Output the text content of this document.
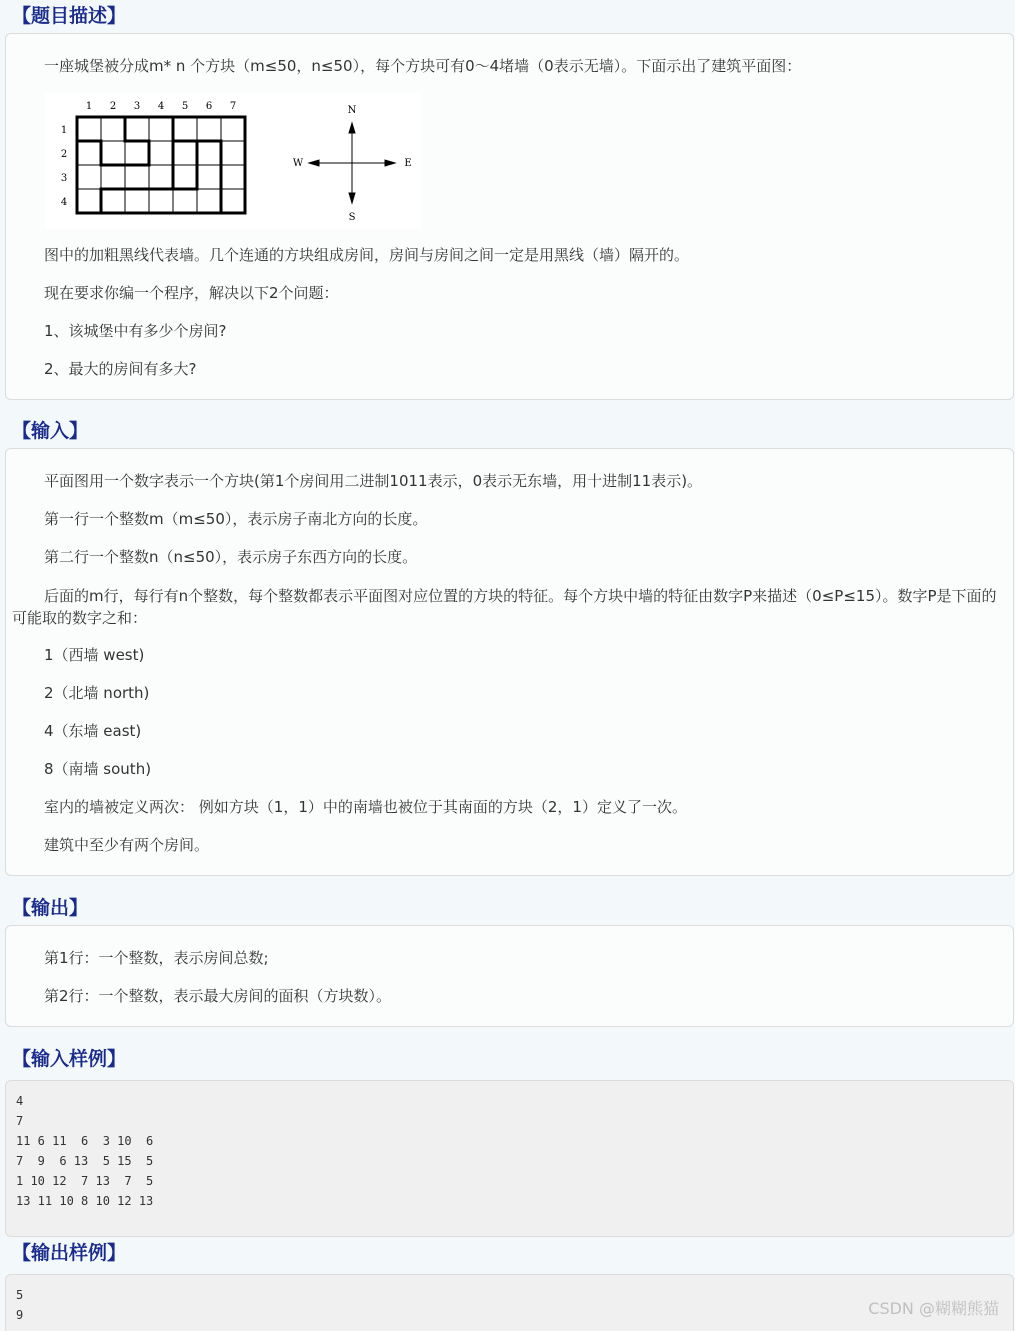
【题目描述】
一座城堡被分成m* n 个方块（m≤50，n≤50），每个方块可有0～4堵墙（0表示无墙）。下面示出了建筑平面图：
1 2 3 4 5 6 7
1
2
3
4
N
S
W	E
图中的加粗黑线代表墙。几个连通的方块组成房间，房间与房间之间一定是用黑线（墙）隔开的。
现在要求你编一个程序，解决以下2个问题：
1、该城堡中有多少个房间?
2、最大的房间有多大?
【输入】
平面图用一个数字表示一个方块(第1个房间用二进制1011表示，0表示无东墙，用十进制11表示)。
第一行一个整数m（m≤50），表示房子南北方向的长度。
第二行一个整数n（n≤50），表示房子东西方向的长度。
后面的m行，每行有n个整数，每个整数都表示平面图对应位置的方块的特征。每个方块中墙的特征由数字P来描述（0≤P≤15）。数字P是下面的可能取的数字之和：
1（西墙 west)
2（北墙 north)
4（东墙 east)
8（南墙 south)
室内的墙被定义两次： 例如方块（1，1）中的南墙也被位于其南面的方块（2，1）定义了一次。
建筑中至少有两个房间。
【输出】
第1行：一个整数，表示房间总数;
第2行：一个整数，表示最大房间的面积（方块数）。
【输入样例】
4
7
11 6 11  6  3 10  6
7  9  6 13  5 15  5
1 10 12  7 13  7  5
13 11 10 8 10 12 13
【输出样例】
5
9	CSDN @糊糊熊猫
